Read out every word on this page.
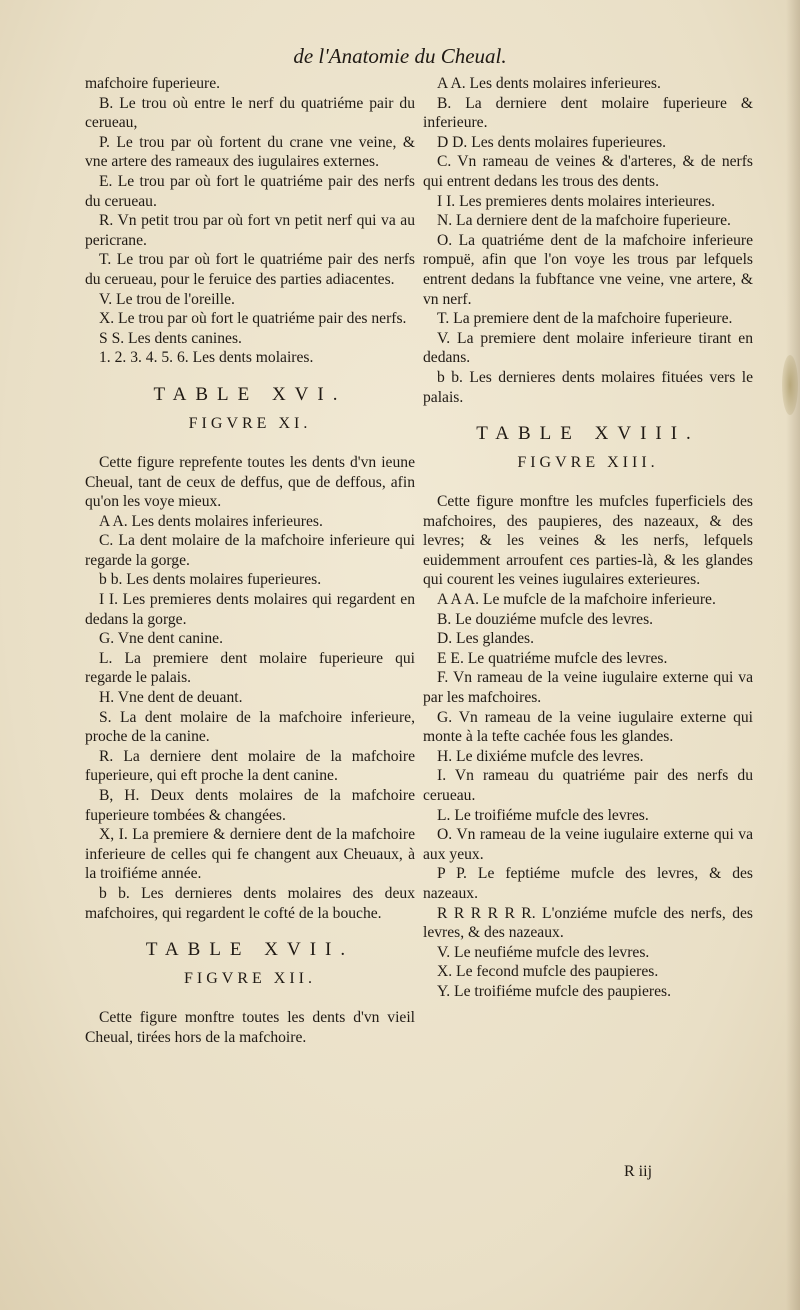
de l'Anatomie du Cheual.

mafchoire fuperieure.

B. Le trou où entre le nerf du quatriéme pair du cerueau,

P. Le trou par où fortent du crane vne veine, & vne artere des rameaux des iugulaires externes.

E. Le trou par où fort le quatriéme pair des nerfs du cerueau.

R. Vn petit trou par où fort vn petit nerf qui va au pericrane.

T. Le trou par où fort le quatriéme pair des nerfs du cerueau, pour le feruice des parties adiacentes.

V. Le trou de l'oreille.

X. Le trou par où fort le quatriéme pair des nerfs.

S S. Les dents canines.

1. 2. 3. 4. 5. 6. Les dents molaires.

TABLE XVI.
FIGVRE XI.

Cette figure reprefente toutes les dents d'vn ieune Cheual, tant de ceux de deffus, que de deffous, afin qu'on les voye mieux.

A A. Les dents molaires inferieures.

C. La dent molaire de la mafchoire inferieure qui regarde la gorge.

b b. Les dents molaires fuperieures.

I I. Les premieres dents molaires qui regardent en dedans la gorge.

G. Vne dent canine.

L. La premiere dent molaire fuperieure qui regarde le palais.

H. Vne dent de deuant.

S. La dent molaire de la mafchoire inferieure, proche de la canine.

R. La derniere dent molaire de la mafchoire fuperieure, qui eft proche la dent canine.

B, H. Deux dents molaires de la mafchoire fuperieure tombées & changées.

X, I. La premiere & derniere dent de la mafchoire inferieure de celles qui fe changent aux Cheuaux, à la troifiéme année.

b b. Les dernieres dents molaires des deux mafchoires, qui regardent le cofté de la bouche.

TABLE XVII.
FIGVRE XII.

Cette figure monftre toutes les dents d'vn vieil Cheual, tirées hors de la mafchoire.

A A. Les dents molaires inferieures.

B. La derniere dent molaire fuperieure & inferieure.

D D. Les dents molaires fuperieures.

C. Vn rameau de veines & d'arteres, & de nerfs qui entrent dedans les trous des dents.

I I. Les premieres dents molaires interieures.

N. La derniere dent de la mafchoire fuperieure.

O. La quatriéme dent de la mafchoire inferieure rompuë, afin que l'on voye les trous par lefquels entrent dedans la fubftance vne veine, vne artere, & vn nerf.

T. La premiere dent de la mafchoire fuperieure.

V. La premiere dent molaire inferieure tirant en dedans.

b b. Les dernieres dents molaires fituées vers le palais.

TABLE XVIII.
FIGVRE XIII.

Cette figure monftre les mufcles fuperficiels des mafchoires, des paupieres, des nazeaux, & des levres; & les veines & les nerfs, lefquels euidemment arroufent ces parties-là, & les glandes qui courent les veines iugulaires exterieures.

A A A. Le mufcle de la mafchoire inferieure.

B. Le douziéme mufcle des levres.

D. Les glandes.

E E. Le quatriéme mufcle des levres.

F. Vn rameau de la veine iugulaire externe qui va par les mafchoires.

G. Vn rameau de la veine iugulaire externe qui monte à la tefte cachée fous les glandes.

H. Le dixiéme mufcle des levres.

I. Vn rameau du quatriéme pair des nerfs du cerueau.

L. Le troifiéme mufcle des levres.

O. Vn rameau de la veine iugulaire externe qui va aux yeux.

P P. Le feptiéme mufcle des levres, & des nazeaux.

R R R R R R. L'onziéme mufcle des nerfs, des levres, & des nazeaux.

V. Le neufiéme mufcle des levres.

X. Le fecond mufcle des paupieres.

Y. Le troifiéme mufcle des paupieres.

R iij
